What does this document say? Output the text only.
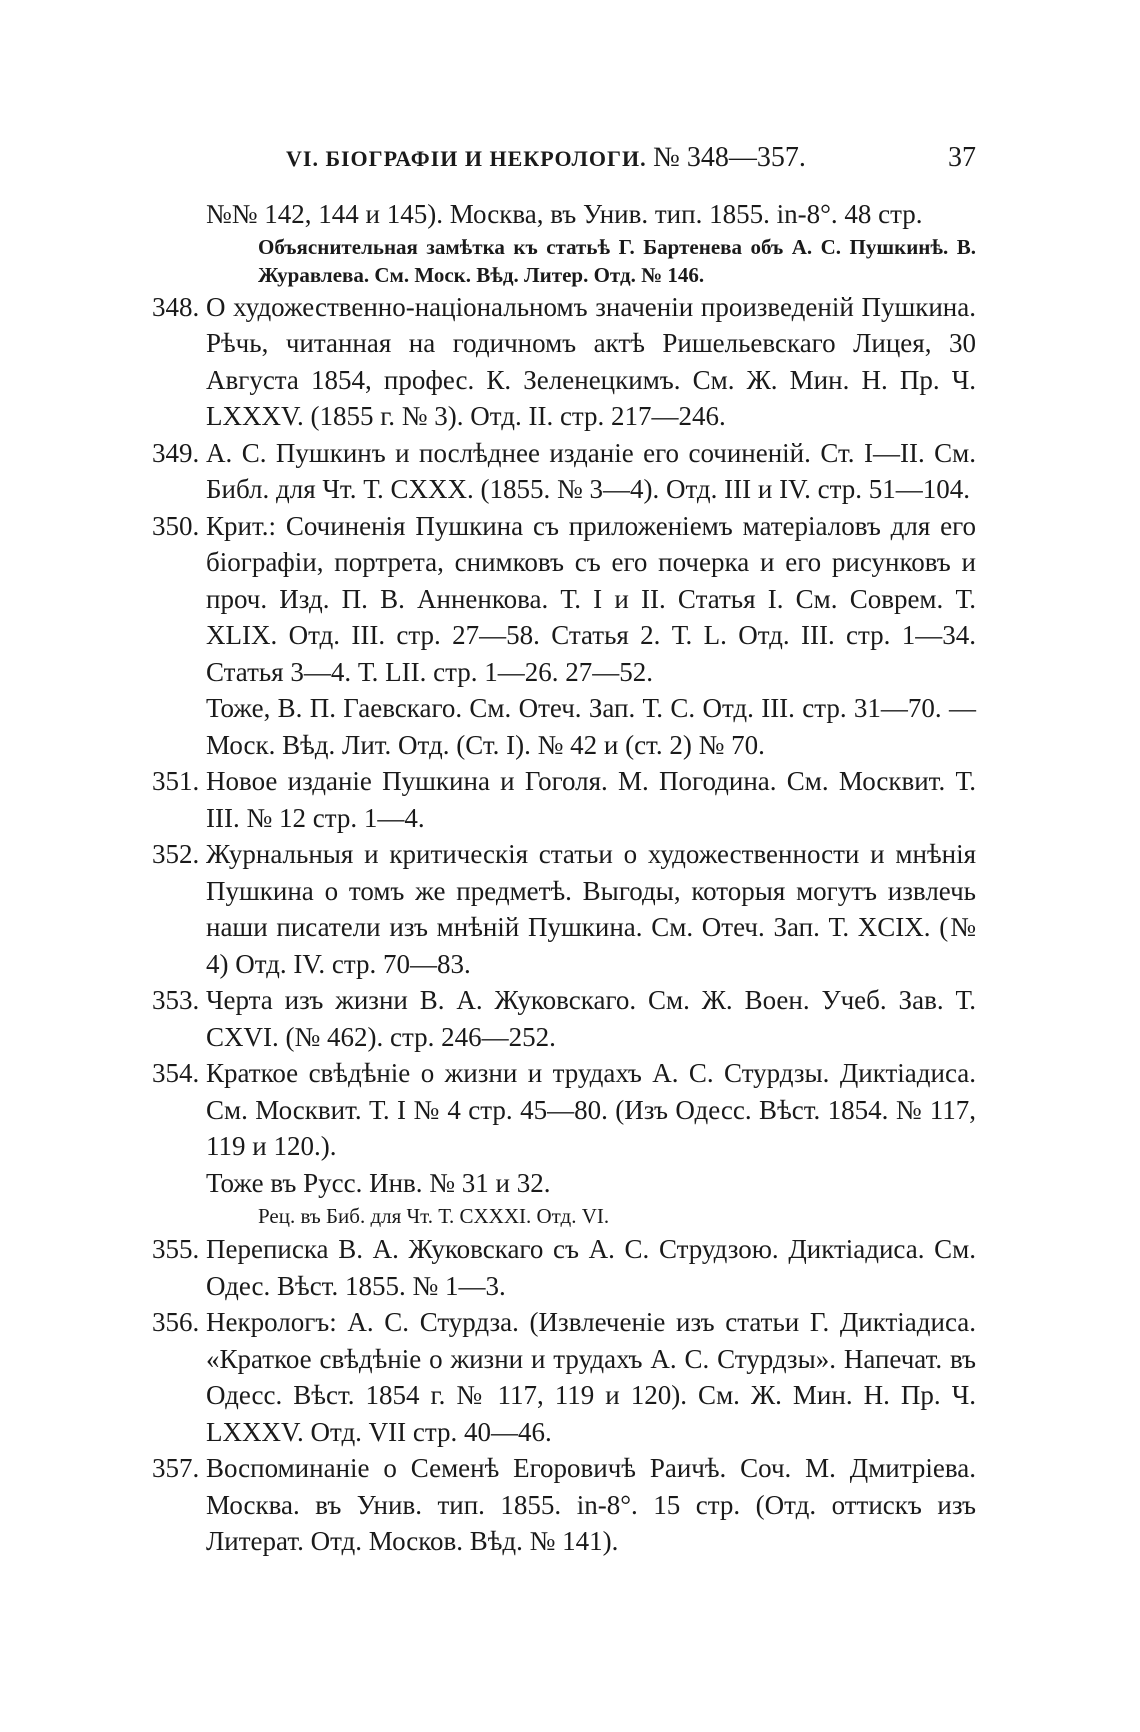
VI. БІОГРАФІИ И НЕКРОЛОГИ. № 348—357.	37
№№ 142, 144 и 145). Москва, въ Унив. тип. 1855. in-8°. 48 стр.
Объяснительная замѣтка къ статьѣ Г. Бартенева объ А. С. Пушкинѣ. В. Журавлева. См. Моск. Вѣд. Литер. Отд. № 146.
348. О художественно-національномъ значеніи произведеній Пушкина. Рѣчь, читанная на годичномъ актѣ Ришельевскаго Лицея, 30 Августа 1854, профес. К. Зеленецкимъ. См. Ж. Мин. Н. Пр. Ч. LXXXV. (1855 г. № 3). Отд. II. стр. 217—246.
349. А. С. Пушкинъ и послѣднее изданіе его сочиненій. Ст. I—II. См. Библ. для Чт. Т. CXXX. (1855. № 3—4). Отд. III и IV. стр. 51—104.
350. Крит.: Сочиненія Пушкина съ приложеніемъ матеріаловъ для его біографіи, портрета, снимковъ съ его почерка и его рисунковъ и проч. Изд. П. В. Анненкова. Т. I и II. Статья I. См. Соврем. Т. XLIX. Отд. III. стр. 27—58. Статья 2. Т. L. Отд. III. стр. 1—34. Статья 3—4. Т. LII. стр. 1—26. 27—52.
Тоже, В. П. Гаевскаго. См. Отеч. Зап. Т. С. Отд. III. стр. 31—70. — Моск. Вѣд. Лит. Отд. (Ст. I). № 42 и (ст. 2) № 70.
351. Новое изданіе Пушкина и Гоголя. М. Погодина. См. Москвит. Т. III. № 12 стр. 1—4.
352. Журнальныя и критическія статьи о художественности и мнѣнія Пушкина о томъ же предметѣ. Выгоды, которыя могутъ извлечь наши писатели изъ мнѣній Пушкина. См. Отеч. Зап. Т. XCIX. (№ 4) Отд. IV. стр. 70—83.
353. Черта изъ жизни В. А. Жуковскаго. См. Ж. Воен. Учеб. Зав. Т. CXVI. (№ 462). стр. 246—252.
354. Краткое свѣдѣніе о жизни и трудахъ А. С. Стурдзы. Диктіадиса. См. Москвит. Т. I № 4 стр. 45—80. (Изъ Одесс. Вѣст. 1854. № 117, 119 и 120.).
Тоже въ Русс. Инв. № 31 и 32.
Рец. въ Биб. для Чт. Т. CXXXI. Отд. VI.
355. Переписка В. А. Жуковскаго съ А. С. Струдзою. Диктіадиса. См. Одес. Вѣст. 1855. № 1—3.
356. Некрологъ: А. С. Стурдза. (Извлеченіе изъ статьи Г. Диктіадиса. «Краткое свѣдѣніе о жизни и трудахъ А. С. Стурдзы». Напечат. въ Одесс. Вѣст. 1854 г. № 117, 119 и 120). См. Ж. Мин. Н. Пр. Ч. LXXXV. Отд. VII стр. 40—46.
357. Воспоминаніе о Семенѣ Егоровичѣ Раичѣ. Соч. М. Дмитріева. Москва. въ Унив. тип. 1855. in-8°. 15 стр. (Отд. оттискъ изъ Литерат. Отд. Москов. Вѣд. № 141).
